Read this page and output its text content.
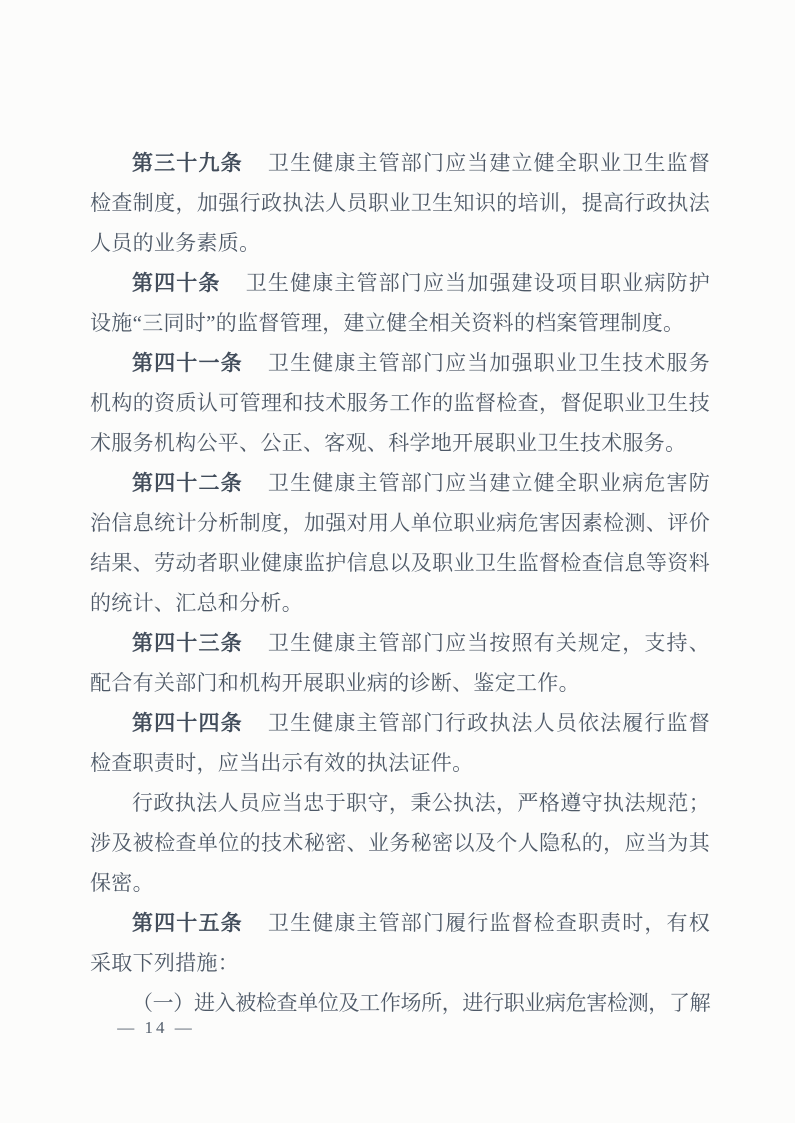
第三十九条 卫生健康主管部门应当建立健全职业卫生监督检查制度，加强行政执法人员职业卫生知识的培训，提高行政执法人员的业务素质。

第四十条 卫生健康主管部门应当加强建设项目职业病防护设施“三同时”的监督管理，建立健全相关资料的档案管理制度。

第四十一条 卫生健康主管部门应当加强职业卫生技术服务机构的资质认可管理和技术服务工作的监督检查，督促职业卫生技术服务机构公平、公正、客观、科学地开展职业卫生技术服务。

第四十二条 卫生健康主管部门应当建立健全职业病危害防治信息统计分析制度，加强对用人单位职业病危害因素检测、评价结果、劳动者职业健康监护信息以及职业卫生监督检查信息等资料的统计、汇总和分析。

第四十三条 卫生健康主管部门应当按照有关规定，支持、配合有关部门和机构开展职业病的诊断、鉴定工作。

第四十四条 卫生健康主管部门行政执法人员依法履行监督检查职责时，应当出示有效的执法证件。

行政执法人员应当忠于职守，秉公执法，严格遵守执法规范；涉及被检查单位的技术秘密、业务秘密以及个人隐私的，应当为其保密。

第四十五条 卫生健康主管部门履行监督检查职责时，有权采取下列措施：

（一）进入被检查单位及工作场所，进行职业病危害检测，了解

— 14 —
